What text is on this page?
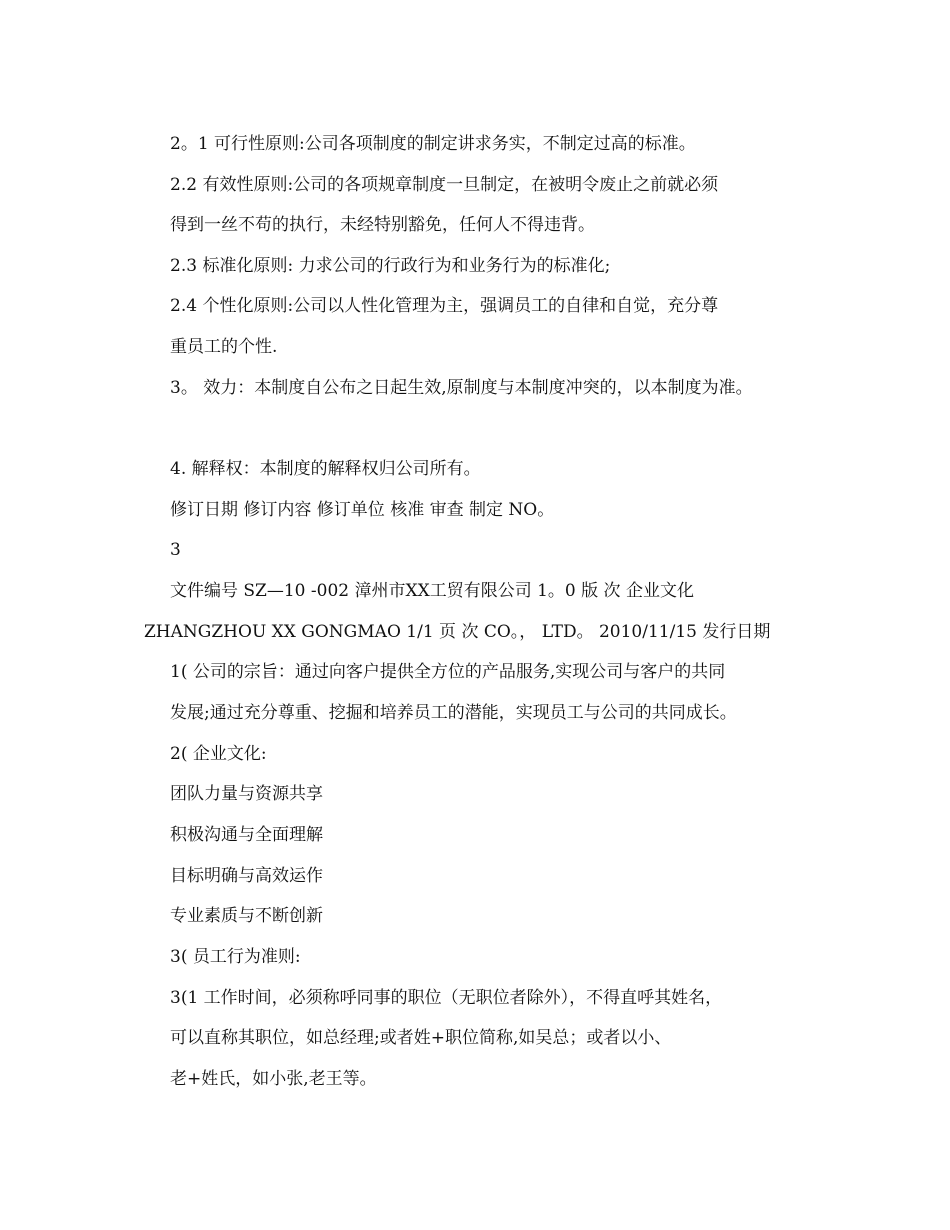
2。1 可行性原则:公司各项制度的制定讲求务实，不制定过高的标准。
2.2 有效性原则:公司的各项规章制度一旦制定，在被明令废止之前就必须
得到一丝不苟的执行，未经特别豁免，任何人不得违背。
2.3 标准化原则: 力求公司的行政行为和业务行为的标准化;
2.4 个性化原则:公司以人性化管理为主，强调员工的自律和自觉，充分尊
重员工的个性.
3。 效力：本制度自公布之日起生效,原制度与本制度冲突的，以本制度为准。
4. 解释权：本制度的解释权归公司所有。
修订日期 修订内容 修订单位 核准 审查 制定 NO。
3
文件编号 SZ—10 -002 漳州市XX工贸有限公司 1。0 版 次 企业文化
ZHANGZHOU XX GONGMAO 1/1 页 次 CO。， LTD。 2010/11/15 发行日期
1( 公司的宗旨：通过向客户提供全方位的产品服务,实现公司与客户的共同
发展;通过充分尊重、挖掘和培养员工的潜能，实现员工与公司的共同成长。
2( 企业文化:
团队力量与资源共享
积极沟通与全面理解
目标明确与高效运作
专业素质与不断创新
3( 员工行为准则:
3(1 工作时间，必须称呼同事的职位（无职位者除外），不得直呼其姓名，
可以直称其职位，如总经理;或者姓+职位简称,如吴总；或者以小、
老+姓氏，如小张,老王等。
